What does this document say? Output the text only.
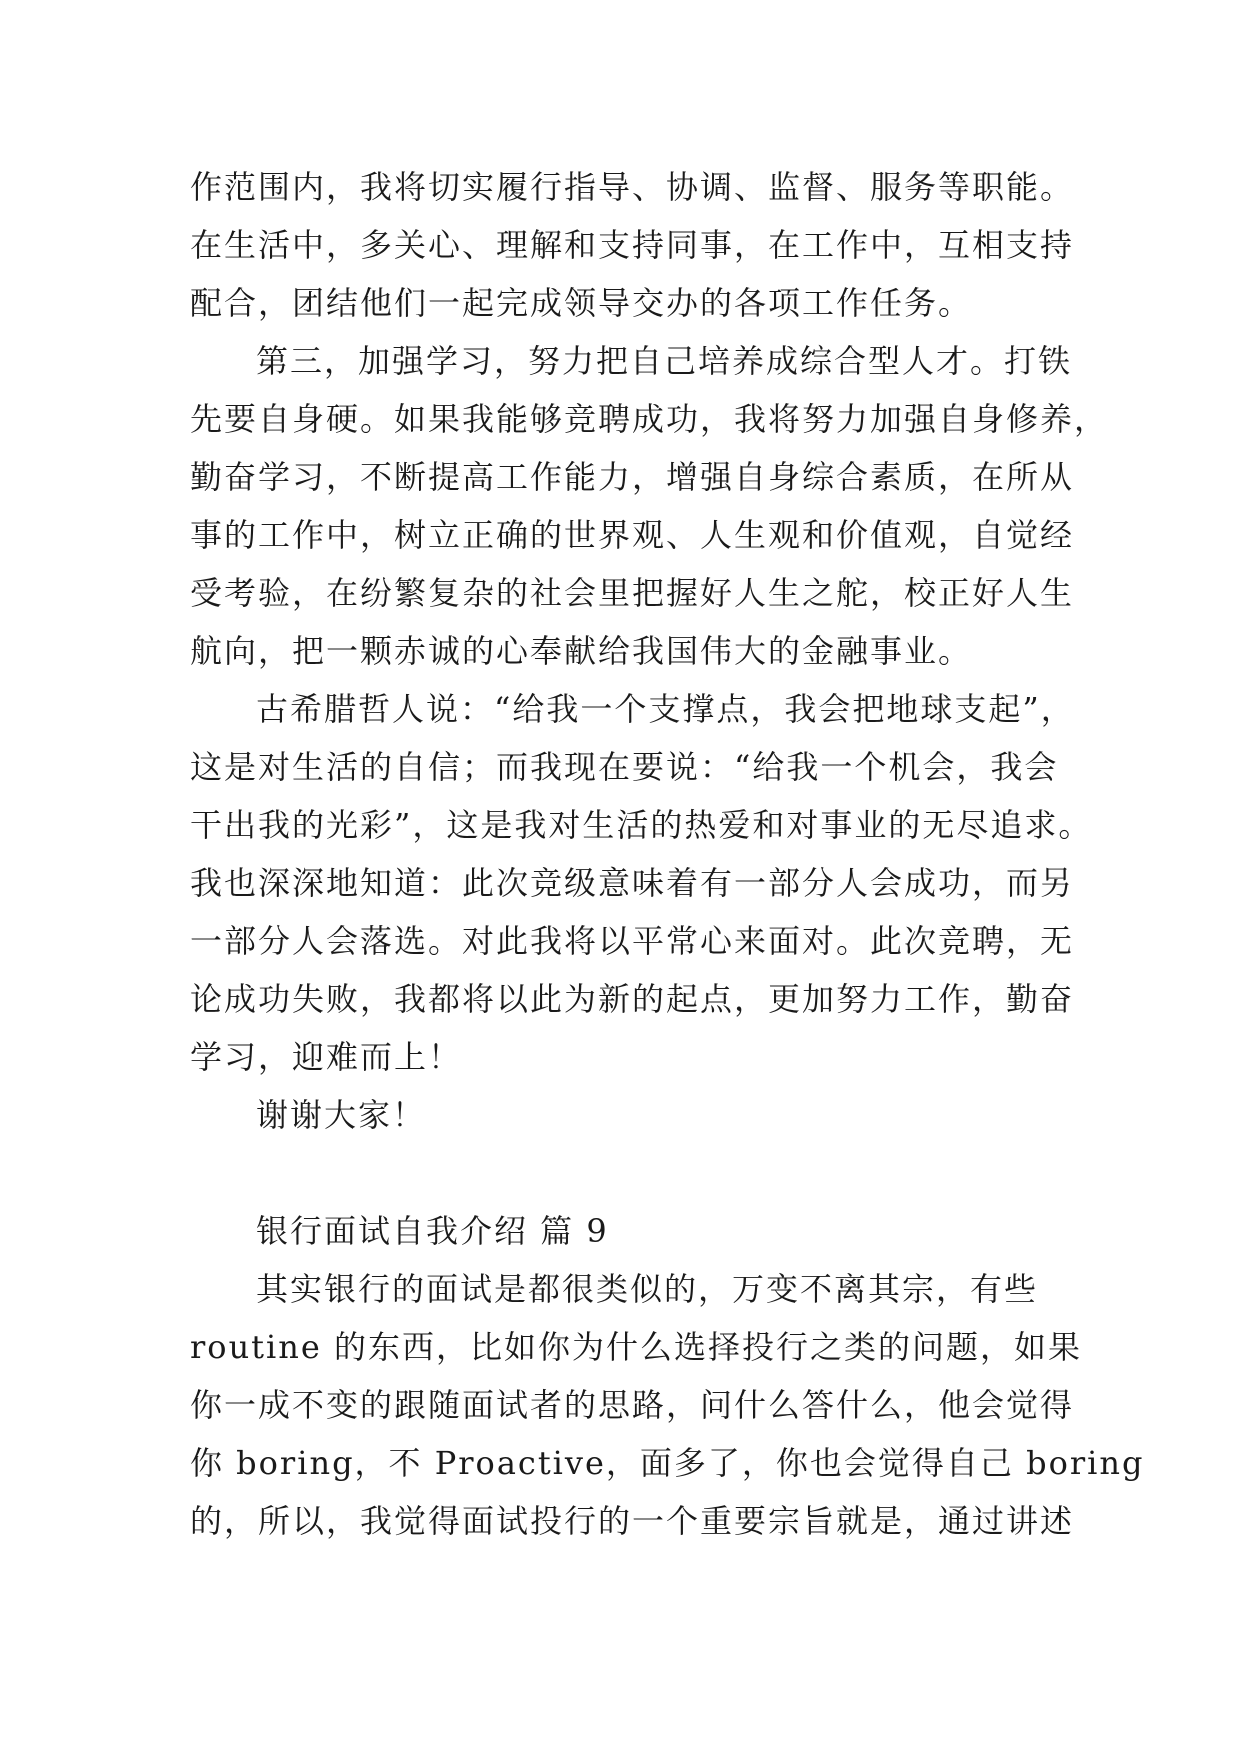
作范围内，我将切实履行指导、协调、监督、服务等职能。
在生活中，多关心、理解和支持同事，在工作中，互相支持
配合，团结他们一起完成领导交办的各项工作任务。
第三，加强学习，努力把自己培养成综合型人才。打铁
先要自身硬。如果我能够竞聘成功，我将努力加强自身修养，
勤奋学习，不断提高工作能力，增强自身综合素质，在所从
事的工作中，树立正确的世界观、人生观和价值观，自觉经
受考验，在纷繁复杂的社会里把握好人生之舵，校正好人生
航向，把一颗赤诚的心奉献给我国伟大的金融事业。
古希腊哲人说：“给我一个支撑点，我会把地球支起”，
这是对生活的自信；而我现在要说：“给我一个机会，我会
干出我的光彩”，这是我对生活的热爱和对事业的无尽追求。
我也深深地知道：此次竞级意味着有一部分人会成功，而另
一部分人会落选。对此我将以平常心来面对。此次竞聘，无
论成功失败，我都将以此为新的起点，更加努力工作，勤奋
学习，迎难而上！
谢谢大家！
银行面试自我介绍 篇 9
其实银行的面试是都很类似的，万变不离其宗，有些
routine 的东西，比如你为什么选择投行之类的问题，如果
你一成不变的跟随面试者的思路，问什么答什么，他会觉得
你 boring，不 Proactive，面多了，你也会觉得自己 boring
的，所以，我觉得面试投行的一个重要宗旨就是，通过讲述
